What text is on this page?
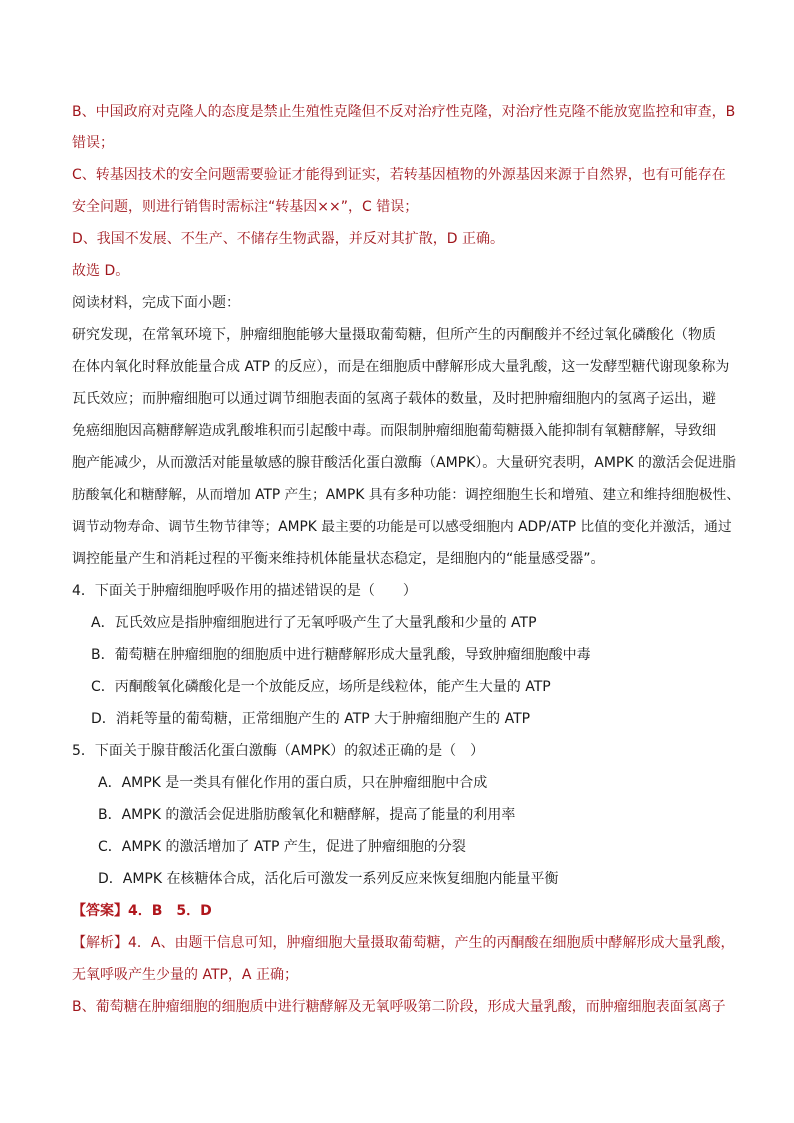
B、中国政府对克隆人的态度是禁止生殖性克隆但不反对治疗性克隆，对治疗性克隆不能放宽监控和审查，B
错误；
C、转基因技术的安全问题需要验证才能得到证实，若转基因植物的外源基因来源于自然界，也有可能存在
安全问题，则进行销售时需标注“转基因××”，C 错误；
D、我国不发展、不生产、不储存生物武器，并反对其扩散，D 正确。
故选 D。
阅读材料，完成下面小题：
研究发现，在常氧环境下，肿瘤细胞能够大量摄取葡萄糖，但所产生的丙酮酸并不经过氧化磷酸化（物质
在体内氧化时释放能量合成 ATP 的反应），而是在细胞质中酵解形成大量乳酸，这一发酵型糖代谢现象称为
瓦氏效应；而肿瘤细胞可以通过调节细胞表面的氢离子载体的数量，及时把肿瘤细胞内的氢离子运出，避
免癌细胞因高糖酵解造成乳酸堆积而引起酸中毒。而限制肿瘤细胞葡萄糖摄入能抑制有氧糖酵解，导致细
胞产能减少，从而激活对能量敏感的腺苷酸活化蛋白激酶（AMPK）。大量研究表明，AMPK 的激活会促进脂
肪酸氧化和糖酵解，从而增加 ATP 产生；AMPK 具有多种功能：调控细胞生长和增殖、建立和维持细胞极性、
调节动物寿命、调节生物节律等；AMPK 最主要的功能是可以感受细胞内 ADP/ATP 比值的变化并激活，通过
调控能量产生和消耗过程的平衡来维持机体能量状态稳定，是细胞内的“能量感受器”。
4．下面关于肿瘤细胞呼吸作用的描述错误的是（　　）
A．瓦氏效应是指肿瘤细胞进行了无氧呼吸产生了大量乳酸和少量的 ATP
B．葡萄糖在肿瘤细胞的细胞质中进行糖酵解形成大量乳酸，导致肿瘤细胞酸中毒
C．丙酮酸氧化磷酸化是一个放能反应，场所是线粒体，能产生大量的 ATP
D．消耗等量的葡萄糖，正常细胞产生的 ATP 大于肿瘤细胞产生的 ATP
5．下面关于腺苷酸活化蛋白激酶（AMPK）的叙述正确的是（　）
A．AMPK 是一类具有催化作用的蛋白质，只在肿瘤细胞中合成
B．AMPK 的激活会促进脂肪酸氧化和糖酵解，提高了能量的利用率
C．AMPK 的激活增加了 ATP 产生，促进了肿瘤细胞的分裂
D．AMPK 在核糖体合成，活化后可激发一系列反应来恢复细胞内能量平衡
【答案】4．B　5．D
【解析】4．A、由题干信息可知，肿瘤细胞大量摄取葡萄糖，产生的丙酮酸在细胞质中酵解形成大量乳酸，
无氧呼吸产生少量的 ATP，A 正确；
B、葡萄糖在肿瘤细胞的细胞质中进行糖酵解及无氧呼吸第二阶段，形成大量乳酸，而肿瘤细胞表面氢离子
